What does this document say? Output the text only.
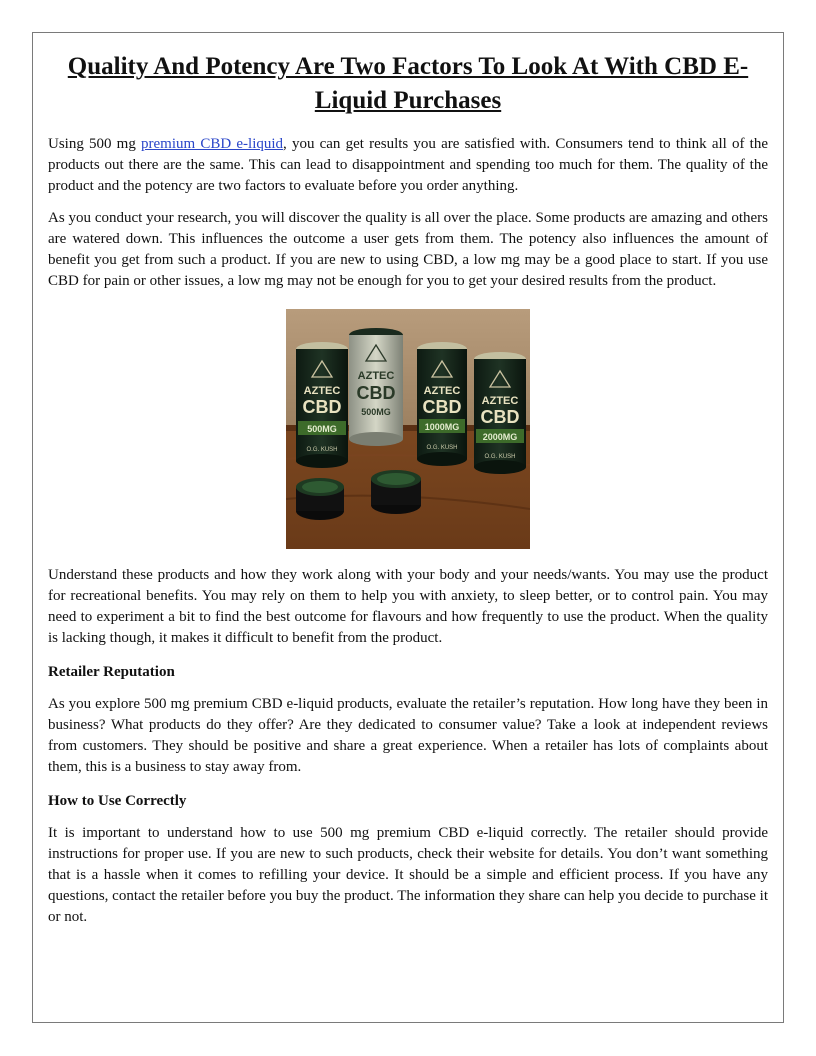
Quality And Potency Are Two Factors To Look At With CBD E-Liquid Purchases

Using 500 mg premium CBD e-liquid, you can get results you are satisfied with. Consumers tend to think all of the products out there are the same. This can lead to disappointment and spending too much for them. The quality of the product and the potency are two factors to evaluate before you order anything.

As you conduct your research, you will discover the quality is all over the place. Some products are amazing and others are watered down. This influences the outcome a user gets from them. The potency also influences the amount of benefit you get from such a product. If you are new to using CBD, a low mg may be a good place to start. If you use CBD for pain or other issues, a low mg may not be enough for you to get your desired results from the product.

AZTEC
CBD
500MG
O.G. KUSH
AZTEC
CBD
500MG
AZTEC
CBD
1000MG
O.G. KUSH
AZTEC
CBD
2000MG
O.G. KUSH

Understand these products and how they work along with your body and your needs/wants. You may use the product for recreational benefits. You may rely on them to help you with anxiety, to sleep better, or to control pain. You may need to experiment a bit to find the best outcome for flavours and how frequently to use the product. When the quality is lacking though, it makes it difficult to benefit from the product.

Retailer Reputation

As you explore 500 mg premium CBD e-liquid products, evaluate the retailer’s reputation. How long have they been in business? What products do they offer? Are they dedicated to consumer value? Take a look at independent reviews from customers. They should be positive and share a great experience. When a retailer has lots of complaints about them, this is a business to stay away from.

How to Use Correctly

It is important to understand how to use 500 mg premium CBD e-liquid correctly. The retailer should provide instructions for proper use. If you are new to such products, check their website for details. You don’t want something that is a hassle when it comes to refilling your device. It should be a simple and efficient process. If you have any questions, contact the retailer before you buy the product. The information they share can help you decide to purchase it or not.
